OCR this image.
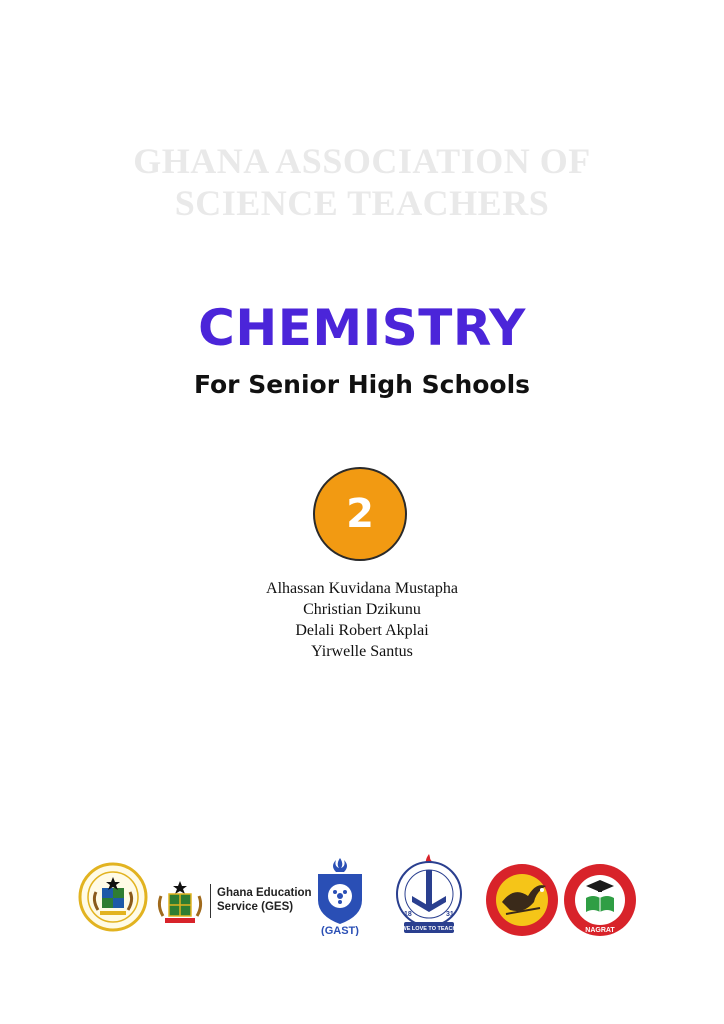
GHANA ASSOCIATION OF
SCIENCE TEACHERS
CHEMISTRY
For Senior High Schools
2
Alhassan Kuvidana Mustapha
Christian Dzikunu
Delali Robert Akplai
Yirwelle Santus
Ghana Education
Service (GES)
(GAST)
18	31
WE LOVE TO TEACH	NAGRAT
